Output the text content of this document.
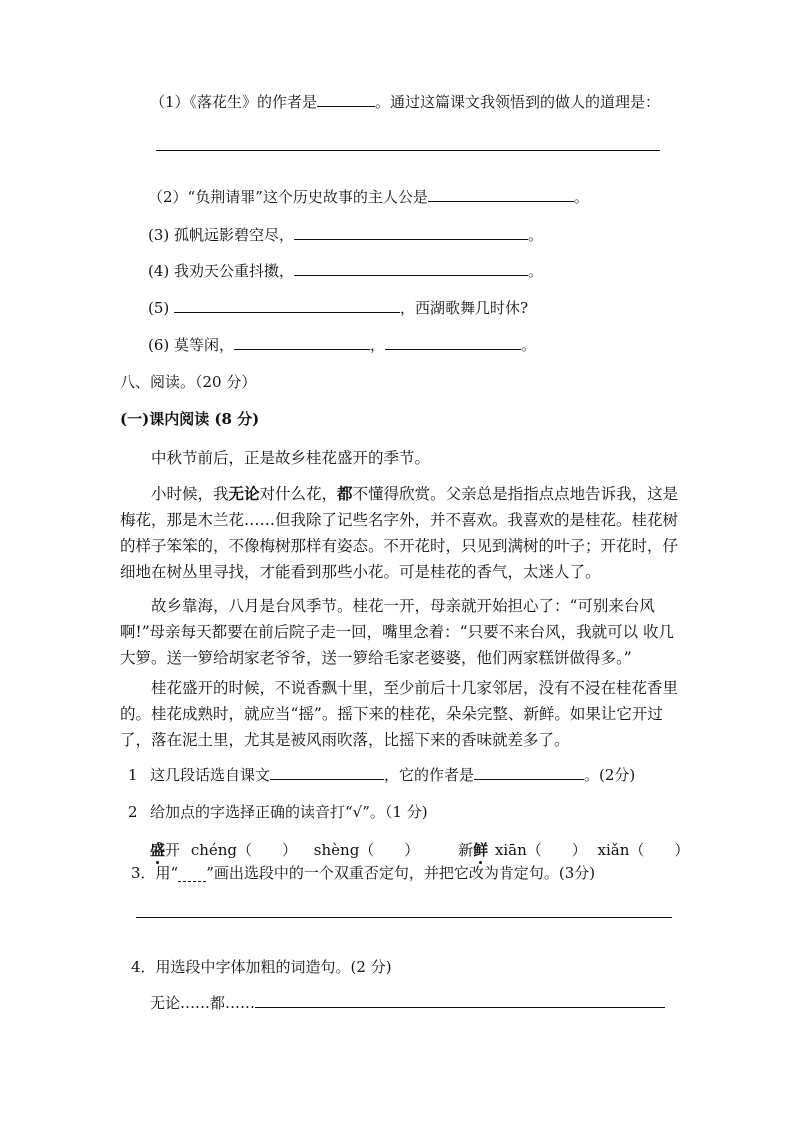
（1）《落花生》的作者是	。通过这篇课文我领悟到的做人的道理是：
（2）“负荆请罪”这个历史故事的主人公是	。
(3) 孤帆远影碧空尽，	。
(4) 我劝天公重抖擞，	。
(5)	，西湖歌舞几时休?
(6) 莫等闲，	，	。
八、阅读。（20 分）
(一)课内阅读 (8 分)
中秋节前后，正是故乡桂花盛开的季节。
小时候，我无论对什么花，都不懂得欣赏。父亲总是指指点点地告诉我，这是梅花，那是木兰花……但我除了记些名字外，并不喜欢。我喜欢的是桂花。桂花树的样子笨笨的，不像梅树那样有姿态。不开花时，只见到满树的叶子；开花时，仔细地在树丛里寻找，才能看到那些小花。可是桂花的香气，太迷人了。
故乡靠海，八月是台风季节。桂花一开，母亲就开始担心了：“可别来台风啊!”母亲每天都要在前后院子走一回，嘴里念着：“只要不来台风，我就可以 收几大箩。送一箩给胡家老爷爷，送一箩给毛家老婆婆，他们两家糕饼做得多。”
桂花盛开的时候，不说香飘十里，至少前后十几家邻居，没有不浸在桂花香里的。桂花成熟时，就应当“摇”。摇下来的桂花，朵朵完整、新鲜。如果让它开过了，落在泥土里，尤其是被风雨吹落，比摇下来的香味就差多了。
1 这几段话选自课文	，它的作者是	。(2分)
2 给加点的字选择正确的读音打“√”。（1 分)
盛开 chéng（　　） shèng（　　）	新鲜 xiān（　　） xiǎn（　　）
3．用“ ”画出选段中的一个双重否定句，并把它改为肯定句。(3分)
4．用选段中字体加粗的词造句。(2 分)
无论……都……
